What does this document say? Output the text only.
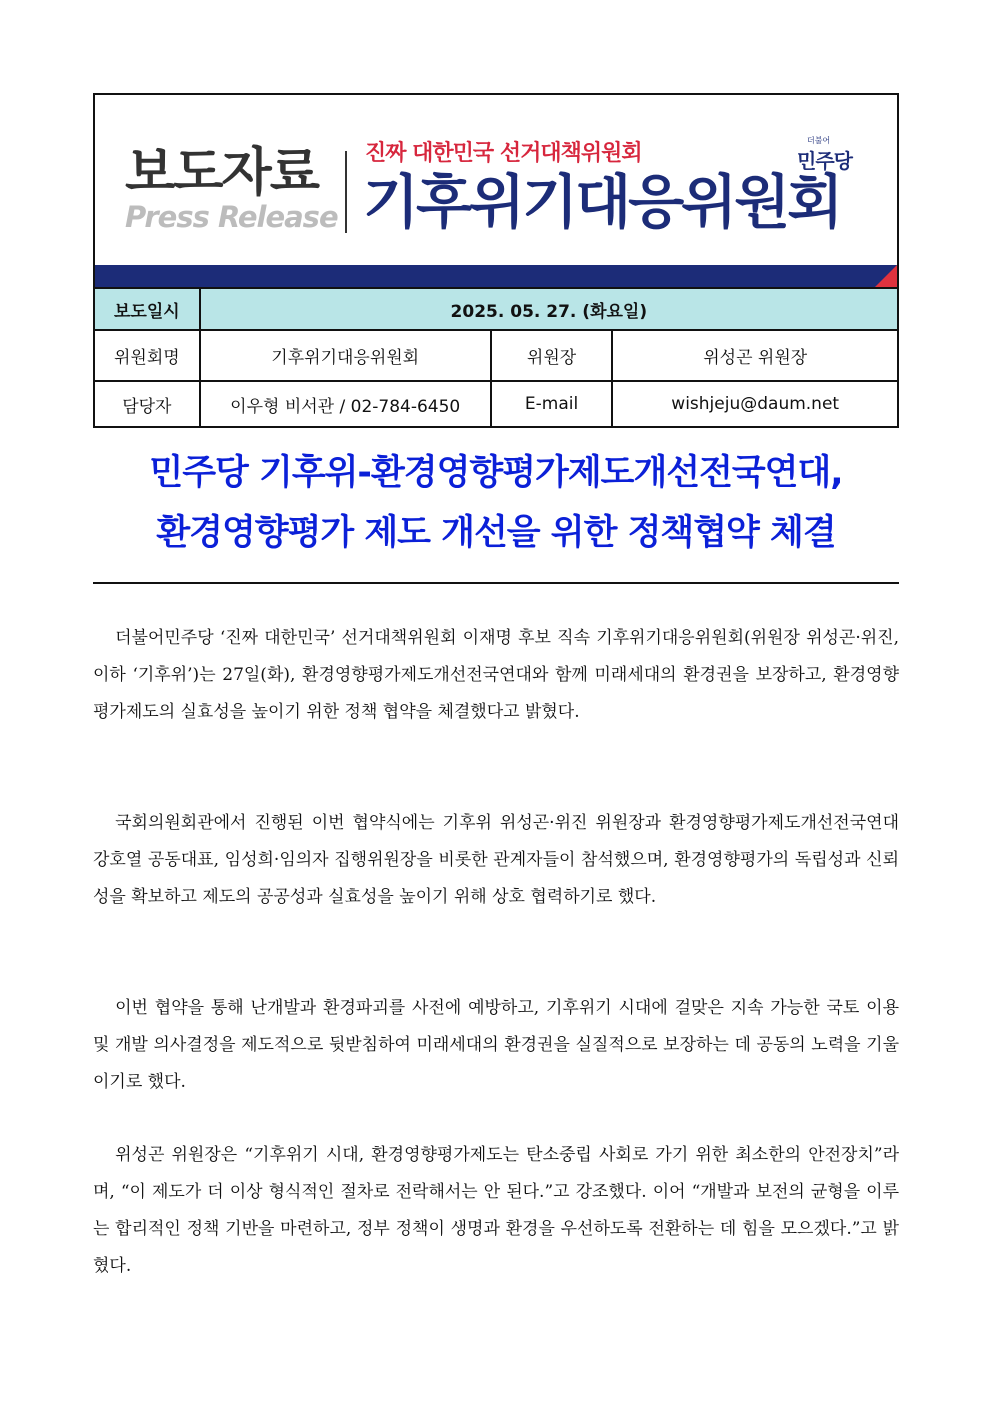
보도자료
Press Release
진짜 대한민국 선거대책위원회
기후위기대응위원회
더불어
민주당
보도일시	2025. 05. 27. (화요일)		
위원회명	기후위기대응위원회	위원장	위성곤 위원장
담당자	이우형 비서관 / 02-784-6450	E-mail	wishjeju@daum.net
민주당 기후위-환경영향평가제도개선전국연대,
환경영향평가 제도 개선을 위한 정책협약 체결

더불어민주당 ‘진짜 대한민국’ 선거대책위원회 이재명 후보 직속 기후위기대응위원회(위원장 위성곤·위진, 이하 ‘기후위’)는 27일(화), 환경영향평가제도개선전국연대와 함께 미래세대의 환경권을 보장하고, 환경영향평가제도의 실효성을 높이기 위한 정책 협약을 체결했다고 밝혔다.

국회의원회관에서 진행된 이번 협약식에는 기후위 위성곤·위진 위원장과 환경영향평가제도개선전국연대 강호열 공동대표, 임성희·임의자 집행위원장을 비롯한 관계자들이 참석했으며, 환경영향평가의 독립성과 신뢰성을 확보하고 제도의 공공성과 실효성을 높이기 위해 상호 협력하기로 했다.

이번 협약을 통해 난개발과 환경파괴를 사전에 예방하고, 기후위기 시대에 걸맞은 지속 가능한 국토 이용 및 개발 의사결정을 제도적으로 뒷받침하여 미래세대의 환경권을 실질적으로 보장하는 데 공동의 노력을 기울이기로 했다.

위성곤 위원장은 “기후위기 시대, 환경영향평가제도는 탄소중립 사회로 가기 위한 최소한의 안전장치”라며, “이 제도가 더 이상 형식적인 절차로 전락해서는 안 된다.”고 강조했다. 이어 “개발과 보전의 균형을 이루는 합리적인 정책 기반을 마련하고, 정부 정책이 생명과 환경을 우선하도록 전환하는 데 힘을 모으겠다.”고 밝혔다.
